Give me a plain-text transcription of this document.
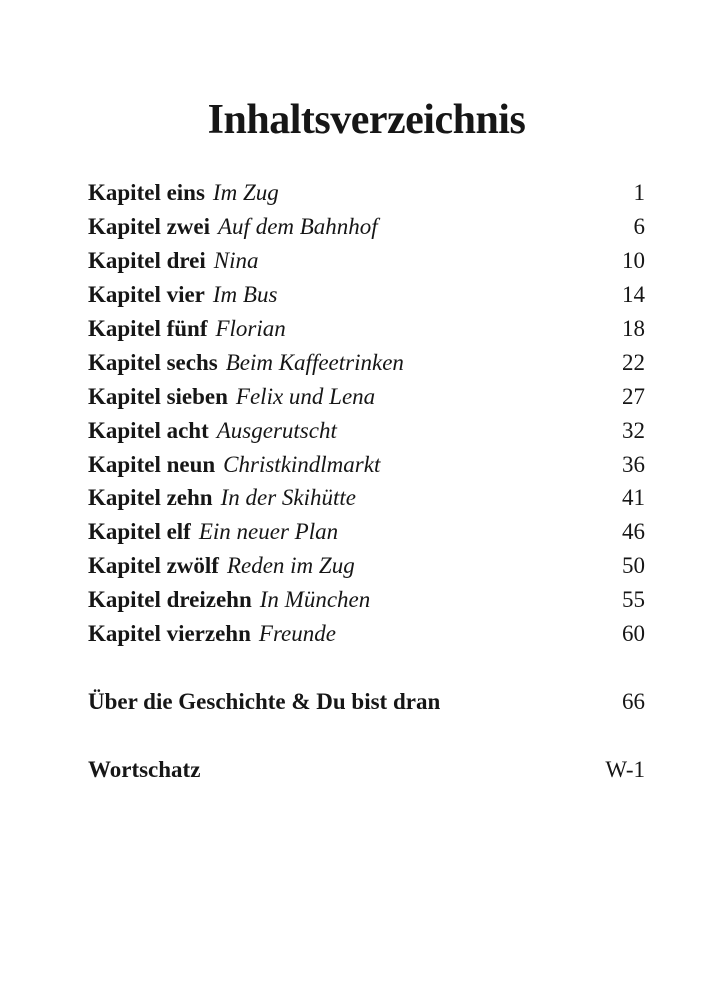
Inhaltsverzeichnis
Kapitel eins Im Zug	1
Kapitel zwei Auf dem Bahnhof	6
Kapitel drei Nina	10
Kapitel vier Im Bus	14
Kapitel fünf Florian	18
Kapitel sechs Beim Kaffeetrinken	22
Kapitel sieben Felix und Lena	27
Kapitel acht Ausgerutscht	32
Kapitel neun Christkindlmarkt	36
Kapitel zehn In der Skihütte	41
Kapitel elf Ein neuer Plan	46
Kapitel zwölf Reden im Zug	50
Kapitel dreizehn In München	55
Kapitel vierzehn Freunde	60
Über die Geschichte & Du bist dran	66
Wortschatz	W-1
